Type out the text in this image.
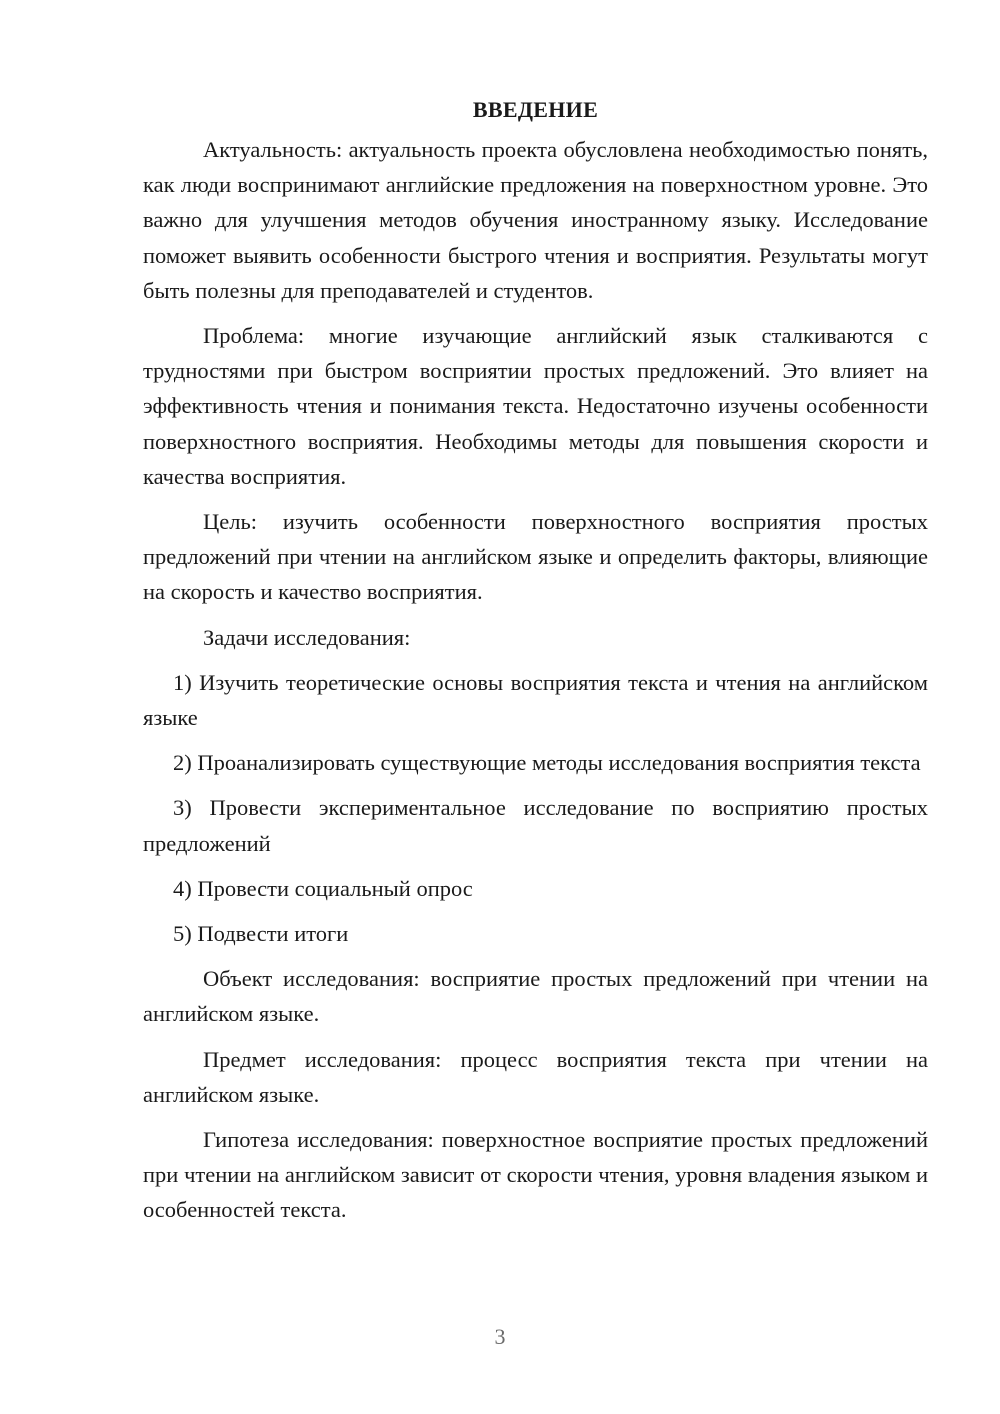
ВВЕДЕНИЕ

Актуальность: актуальность проекта обусловлена необходимостью понять, как люди воспринимают английские предложения на поверхностном уровне. Это важно для улучшения методов обучения иностранному языку. Исследование поможет выявить особенности быстрого чтения и восприятия. Результаты могут быть полезны для преподавателей и студентов.

Проблема: многие изучающие английский язык сталкиваются с трудностями при быстром восприятии простых предложений. Это влияет на эффективность чтения и понимания текста. Недостаточно изучены особенности поверхностного восприятия. Необходимы методы для повышения скорости и качества восприятия.

Цель: изучить особенности поверхностного восприятия простых предложений при чтении на английском языке и определить факторы, влияющие на скорость и качество восприятия.

Задачи исследования:

1) Изучить теоретические основы восприятия текста и чтения на английском языке

2) Проанализировать существующие методы исследования восприятия текста

3) Провести экспериментальное исследование по восприятию простых предложений

4) Провести социальный опрос

5) Подвести итоги

Объект исследования: восприятие простых предложений при чтении на английском языке.

Предмет исследования: процесс восприятия текста при чтении на английском языке.

Гипотеза исследования: поверхностное восприятие простых предложений при чтении на английском зависит от скорости чтения, уровня владения языком и особенностей текста.

3
